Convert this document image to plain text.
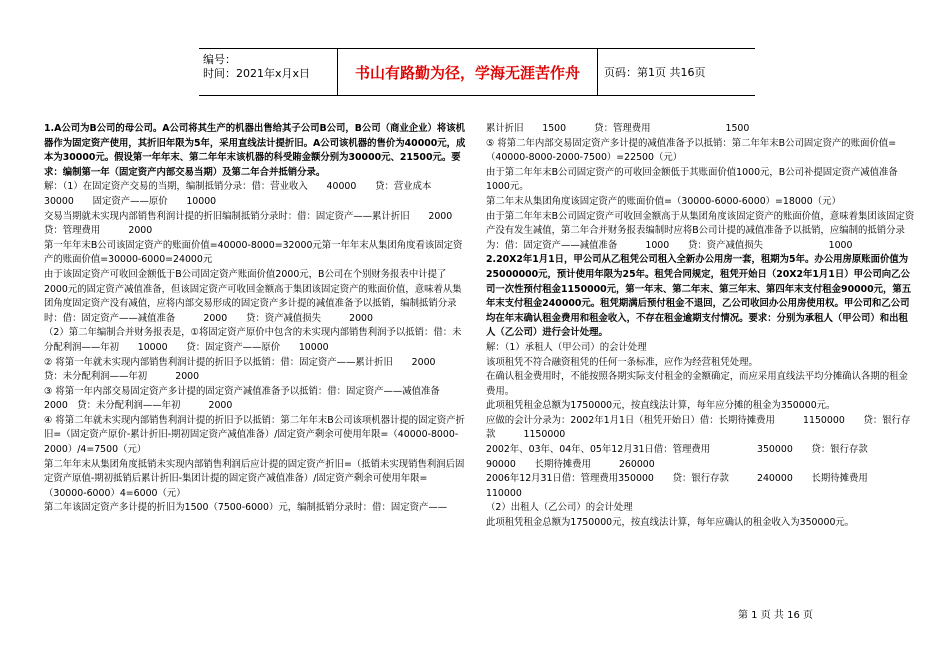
编号：
时间：2021年x月x日	书山有路勤为径，学海无涯苦作舟	页码：第1页 共16页

1.A公司为B公司的母公司。A公司将其生产的机器出售给其子公司B公司，B公司（商业企业）将该机器作为固定资产使用，其折旧年限为5年，采用直线法计提折旧。A公司该机器的售价为40000元，成本为30000元。假设第一年年末、第二年年末该机器的科受賄金额分别为30000元、21500元。要求：编制第一年（固定资产内部交易当期）及第二年合并抵销分录。

解：（1）在固定资产交易的当期，编制抵销分录：借：营业收入　　40000　　贷：营业成本　　30000　　固定资产——原价　　10000

交易当期就未实现内部销售利润计提的折旧编制抵销分录时：借：固定资产——累计折旧　　2000　贷：管理费用　　　2000

第一年年末B公司该固定资产的账面价值=40000-8000=32000元第一年年末从集团角度看该固定资产的账面价值=30000-6000=24000元

由于该固定资产可收回金额低于B公司固定资产账面价值2000元，B公司在个别财务报表中计提了2000元的固定资产减值准备，但该固定资产可收回金额高于集团该固定资产的账面价值，意味着从集团角度固定资产没有减值，应将内部交易形成的固定资产多计提的减值准备予以抵销，编制抵销分录时：借：固定资产——减值准备　　　2000　　贷：资产减值损失　　　2000

（2）第二年编制合并财务报表是，①将固定资产原价中包含的未实现内部销售利润予以抵销：借：未分配利润——年初　　10000　　贷：固定资产——原价　　10000

② 将第一年就未实现内部销售利润计提的折旧予以抵销：借：固定资产——累计折旧　　2000　　贷：未分配利润——年初　　　2000

③ 将第一年内部交易固定资产多计提的固定资产减值准备予以抵销：借：固定资产——减值准备　　　2000　贷：未分配利润——年初　　　2000

④ 将第二年就未实现内部销售利润计提的折旧予以抵销：第二年年末B公司该项机器计提的固定资产折旧=（固定资产原价-累计折旧-期初固定资产减值准备）/固定资产剩余可使用年限=（40000-8000-2000）/4=7500（元）

第二年年末从集团角度抵销未实现内部销售利润后应计提的固定资产折旧=（抵销未实现销售利润后固定资产原值-期初抵销后累计折旧-集团计提的固定资产减值准备）/固定资产剩余可使用年限=（30000-6000）4=6000（元）

第二年该固定资产多计提的折旧为1500（7500-6000）元，编制抵销分录时：借：固定资产——

累计折旧　　1500　　　贷：管理费用　　　　　　　　1500

⑤ 将第二年内部交易固定资产多计提的减值准备予以抵销：第二年年末B公司固定资产的账面价值=（40000-8000-2000-7500）=22500（元）

由于第二年年末B公司固定资产的可收回金额低于其账面价值1000元，B公司补提固定资产减值准备1000元。

第二年末从集团角度该固定资产的账面价值=（30000-6000-6000）=18000（元）

由于第二年年末B公司固定资产可收回金额高于从集团角度该固定资产的账面价值，意味着集团该固定资产没有发生减值，第二年合并财务报表编制时应将B公司计提的减值准备予以抵销，应编制的抵销分录为：借：固定资产——减值准备　　　1000　　贷：资产减值损失　　　　　　　1000

2.20X2年1月1日，甲公司从乙租凭公司租入全新办公用房一套，租期为5年。办公用房原账面价值为25000000元，预计使用年限为25年。租凭合同规定，租凭开始日（20X2年1月1日）甲公司向乙公司一次性预付租金1150000元，第一年末、第二年末、第三年末、第四年末支付租金90000元，第五年末支付租金240000元。租凭期满后预付租金不退回，乙公司收回办公用房使用权。甲公司和乙公司均在年末确认租金费用和租金收入，不存在租金逾期支付情况。要求：分别为承租人（甲公司）和出租人（乙公司）进行会计处理。

解：（1）承租人（甲公司）的会计处理

该项租凭不符合融资租凭的任何一条标准，应作为经营租凭处理。

在确认租金费用时，不能按照各期实际支付租金的金额确定，而应采用直线法平均分摊确认各期的租金费用。

此项租凭租金总额为1750000元，按直线法计算，每年应分摊的租金为350000元。

应做的会计分录为：2002年1月1日（租凭开始日）借：长期待摊费用　　　1150000　　贷：银行存款　　　1150000

2002年、03年、04年、05年12月31日借：管理费用　　　　　350000　　贷：银行存款　　　90000　　长期待摊费用　　　260000

2006年12月31日借：管理费用350000　　贷：银行存款　　　240000　　长期待摊费用　　110000

（2）出租人（乙公司）的会计处理

此项租凭租金总额为1750000元，按直线法计算，每年应确认的租金收入为350000元。

第 1 页 共 16 页
